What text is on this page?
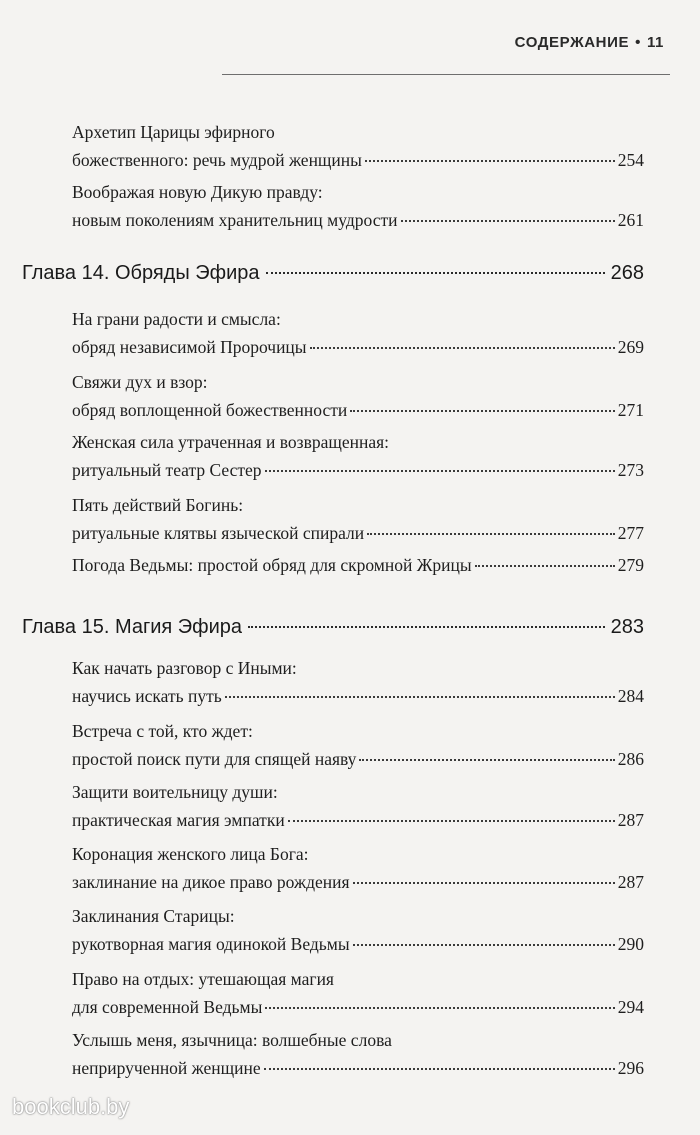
СОДЕРЖАНИЕ • 11
Архетип Царицы эфирного
божественного: речь мудрой женщины	254
Воображая новую Дикую правду:
новым поколениям хранительниц мудрости	261
Глава 14. Обряды Эфира	268
На грани радости и смысла:
обряд независимой Пророчицы	269
Свяжи дух и взор:
обряд воплощенной божественности	271
Женская сила утраченная и возвращенная:
ритуальный театр Сестер	273
Пять действий Богинь:
ритуальные клятвы языческой спирали	277
Погода Ведьмы: простой обряд для скромной Жрицы	279
Глава 15. Магия Эфира	283
Как начать разговор с Иными:
научись искать путь	284
Встреча с той, кто ждет:
простой поиск пути для спящей наяву	286
Защити воительницу души:
практическая магия эмпатки	287
Коронация женского лица Бога:
заклинание на дикое право рождения	287
Заклинания Старицы:
рукотворная магия одинокой Ведьмы	290
Право на отдых: утешающая магия
для современной Ведьмы	294
Услышь меня, язычница: волшебные слова
неприрученной женщине	296
bookclub.by
